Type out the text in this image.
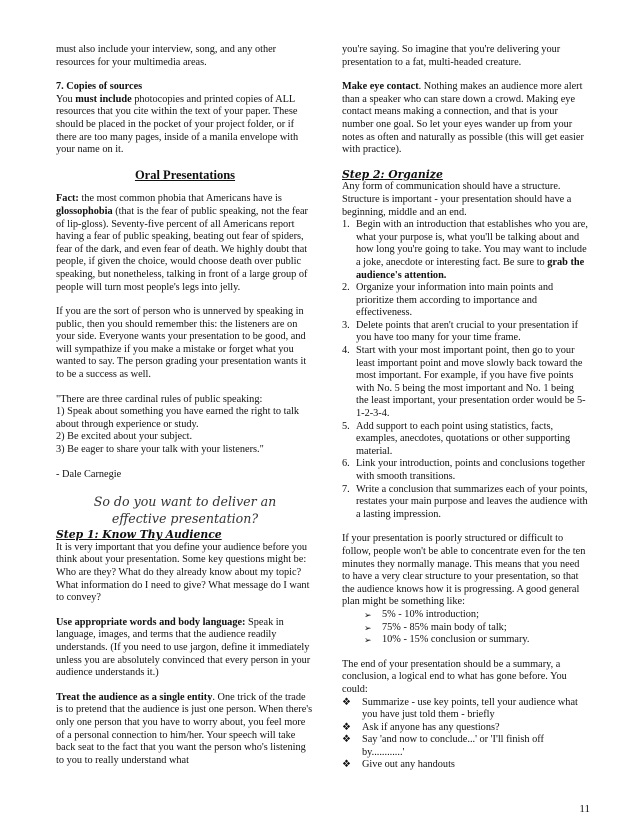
must also include your interview, song, and any other resources for your multimedia areas.

7. Copies of sources
You must include photocopies and printed copies of ALL resources that you cite within the text of your paper. These should be placed in the pocket of your project folder, or if there are too many pages, inside of a manila envelope with your name on it.

Oral Presentations

Fact: the most common phobia that Americans have is glossophobia (that is the fear of public speaking, not the fear of lip-gloss). Seventy-five percent of all Americans report having a fear of public speaking, beating out fear of spiders, fear of the dark, and even fear of death. We highly doubt that people, if given the choice, would choose death over public speaking, but nonetheless, talking in front of a large group of people will turn most people's legs into jelly.

If you are the sort of person who is unnerved by speaking in public, then you should remember this: the listeners are on your side. Everyone wants your presentation to be good, and will sympathize if you make a mistake or forget what you wanted to say. The person grading your presentation wants it to be a success as well.

"There are three cardinal rules of public speaking:
1) Speak about something you have earned the right to talk about through experience or study.
2) Be excited about your subject.
3) Be eager to share your talk with your listeners."

- Dale Carnegie

So do you want to deliver an effective presentation?
Step 1: Know Thy Audience

It is very important that you define your audience before you think about your presentation. Some key questions might be: Who are they? What do they already know about my topic? What information do I need to give? What message do I want to convey?

Use appropriate words and body language: Speak in language, images, and terms that the audience readily understands. (If you need to use jargon, define it immediately unless you are absolutely convinced that every person in your audience understands it.)

Treat the audience as a single entity. One trick of the trade is to pretend that the audience is just one person. When there's only one person that you have to worry about, you feel more of a personal connection to him/her. Your speech will take back seat to the fact that you want the person who's listening to you to really understand what

you're saying. So imagine that you're delivering your presentation to a fat, multi-headed creature.

Make eye contact. Nothing makes an audience more alert than a speaker who can stare down a crowd. Making eye contact means making a connection, and that is your number one goal. So let your eyes wander up from your notes as often and naturally as possible (this will get easier with practice).

Step 2: Organize

Any form of communication should have a structure. Structure is important - your presentation should have a beginning, middle and an end.

1. Begin with an introduction that establishes who you are, what your purpose is, what you'll be talking about and how long you're going to take. You may want to include a joke, anecdote or interesting fact. Be sure to grab the audience's attention.
2. Organize your information into main points and prioritize them according to importance and effectiveness.
3. Delete points that aren't crucial to your presentation if you have too many for your time frame.
4. Start with your most important point, then go to your least important point and move slowly back toward the most important. For example, if you have five points with No. 5 being the most important and No. 1 being the least important, your presentation order would be 5-1-2-3-4.
5. Add support to each point using statistics, facts, examples, anecdotes, quotations or other supporting material.
6. Link your introduction, points and conclusions together with smooth transitions.
7. Write a conclusion that summarizes each of your points, restates your main purpose and leaves the audience with a lasting impression.

If your presentation is poorly structured or difficult to follow, people won't be able to concentrate even for the ten minutes they normally manage. This means that you need to have a very clear structure to your presentation, so that the audience knows how it is progressing. A good general plan might be something like:

➢ 5% - 10% introduction;
➢ 75% - 85% main body of talk;
➢ 10% - 15% conclusion or summary.

The end of your presentation should be a summary, a conclusion, a logical end to what has gone before. You could:

❖ Summarize - use key points, tell your audience what you have just told them - briefly
❖ Ask if anyone has any questions?
❖ Say 'and now to conclude...' or 'I'll finish off by............'
❖ Give out any handouts
11
